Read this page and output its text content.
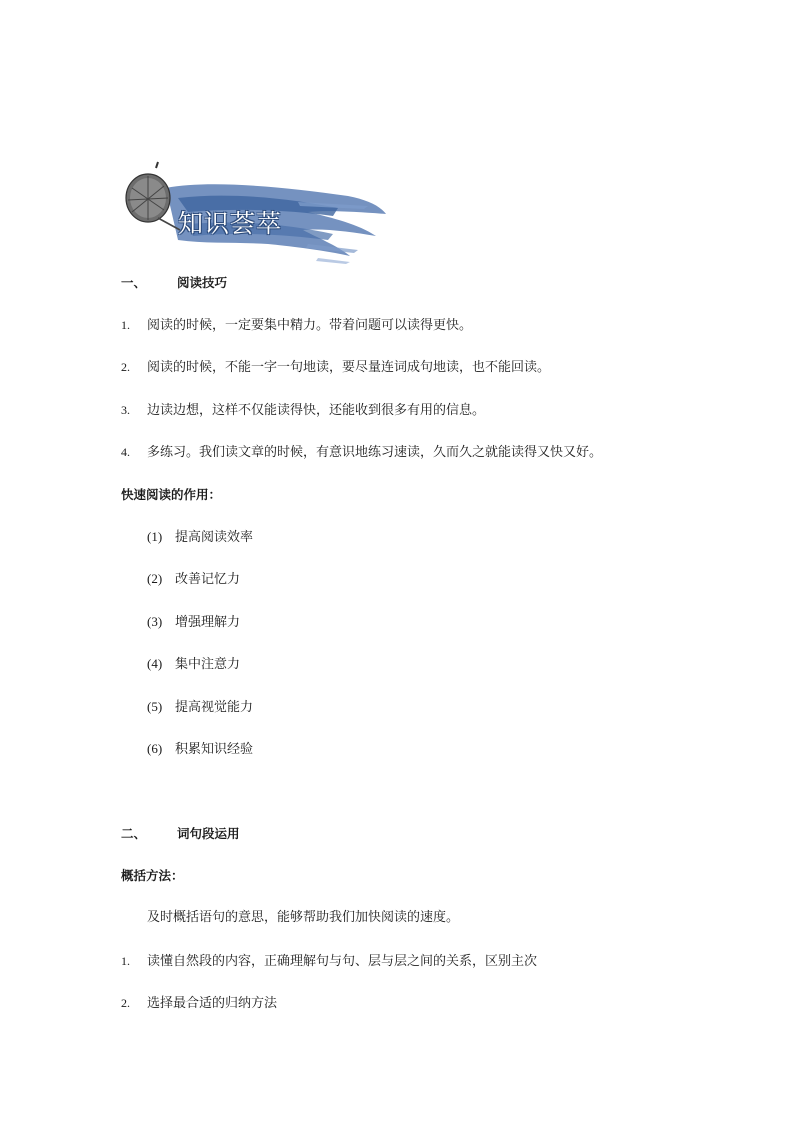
知识荟萃
一、 阅读技巧
1. 阅读的时候，一定要集中精力。带着问题可以读得更快。
2. 阅读的时候，不能一字一句地读，要尽量连词成句地读，也不能回读。
3. 边读边想，这样不仅能读得快，还能收到很多有用的信息。
4. 多练习。我们读文章的时候，有意识地练习速读，久而久之就能读得又快又好。
快速阅读的作用：
(1) 提高阅读效率
(2) 改善记忆力
(3) 增强理解力
(4) 集中注意力
(5) 提高视觉能力
(6) 积累知识经验
二、 词句段运用
概括方法：
及时概括语句的意思，能够帮助我们加快阅读的速度。
1. 读懂自然段的内容，正确理解句与句、层与层之间的关系，区别主次
2. 选择最合适的归纳方法
